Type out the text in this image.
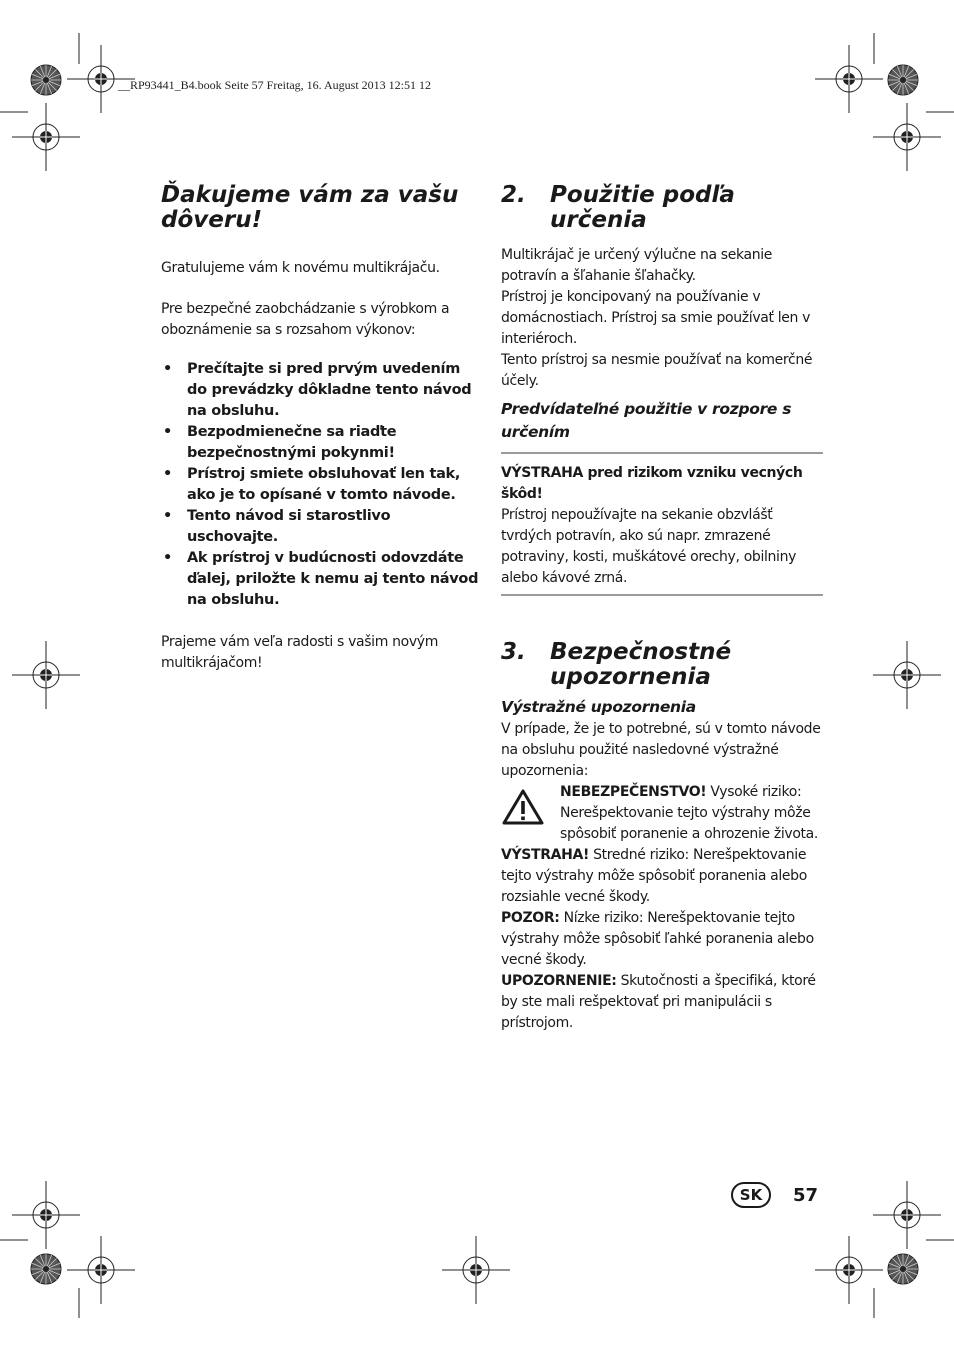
__RP93441_B4.book Seite 57 Freitag, 16. August 2013 12:51 12
Ďakujeme vám za vašu dôveru!

Gratulujeme vám k novému multikrájaču.

Pre bezpečné zaobchádzanie s výrobkom a oboznámenie sa s rozsahom výkonov:

• Prečítajte si pred prvým uvedením do prevádzky dôkladne tento návod na obsluhu.
• Bezpodmienečne sa riaďte bezpečnostnými pokynmi!
• Prístroj smiete obsluhovať len tak, ako je to opísané v tomto návode.
• Tento návod si starostlivo uschovajte.
• Ak prístroj v budúcnosti odovzdáte ďalej, priložte k nemu aj tento návod na obsluhu.

Prajeme vám veľa radosti s vašim novým multikrájačom!

2.	Použitie podľa určenia

Multikrájač je určený výlučne na sekanie potravín a šľahanie šľahačky.

Prístroj je koncipovaný na používanie v domácnostiach. Prístroj sa smie používať len v interiéroch.

Tento prístroj sa nesmie používať na komerčné účely.

Predvídateľné použitie v rozpore s určením

VÝSTRAHA pred rizikom vzniku vecných škôd!

Prístroj nepoužívajte na sekanie obzvlášť tvrdých potravín, ako sú napr. zmrazené potraviny, kosti, muškátové orechy, obilniny alebo kávové zrná.

3.	Bezpečnostné upozornenia
Výstražné upozornenia

V prípade, že je to potrebné, sú v tomto návode na obsluhu použité nasledovné výstražné upozornenia:

NEBEZPEČENSTVO! Vysoké riziko: Nerešpektovanie tejto výstrahy môže spôsobiť poranenie a ohrozenie života.

VÝSTRAHA! Stredné riziko: Nerešpektovanie tejto výstrahy môže spôsobiť poranenia alebo rozsiahle vecné škody.

POZOR: Nízke riziko: Nerešpektovanie tejto výstrahy môže spôsobiť ľahké poranenia alebo vecné škody.

UPOZORNENIE: Skutočnosti a špecifiká, ktoré by ste mali rešpektovať pri manipulácii s prístrojom.

SK	57
